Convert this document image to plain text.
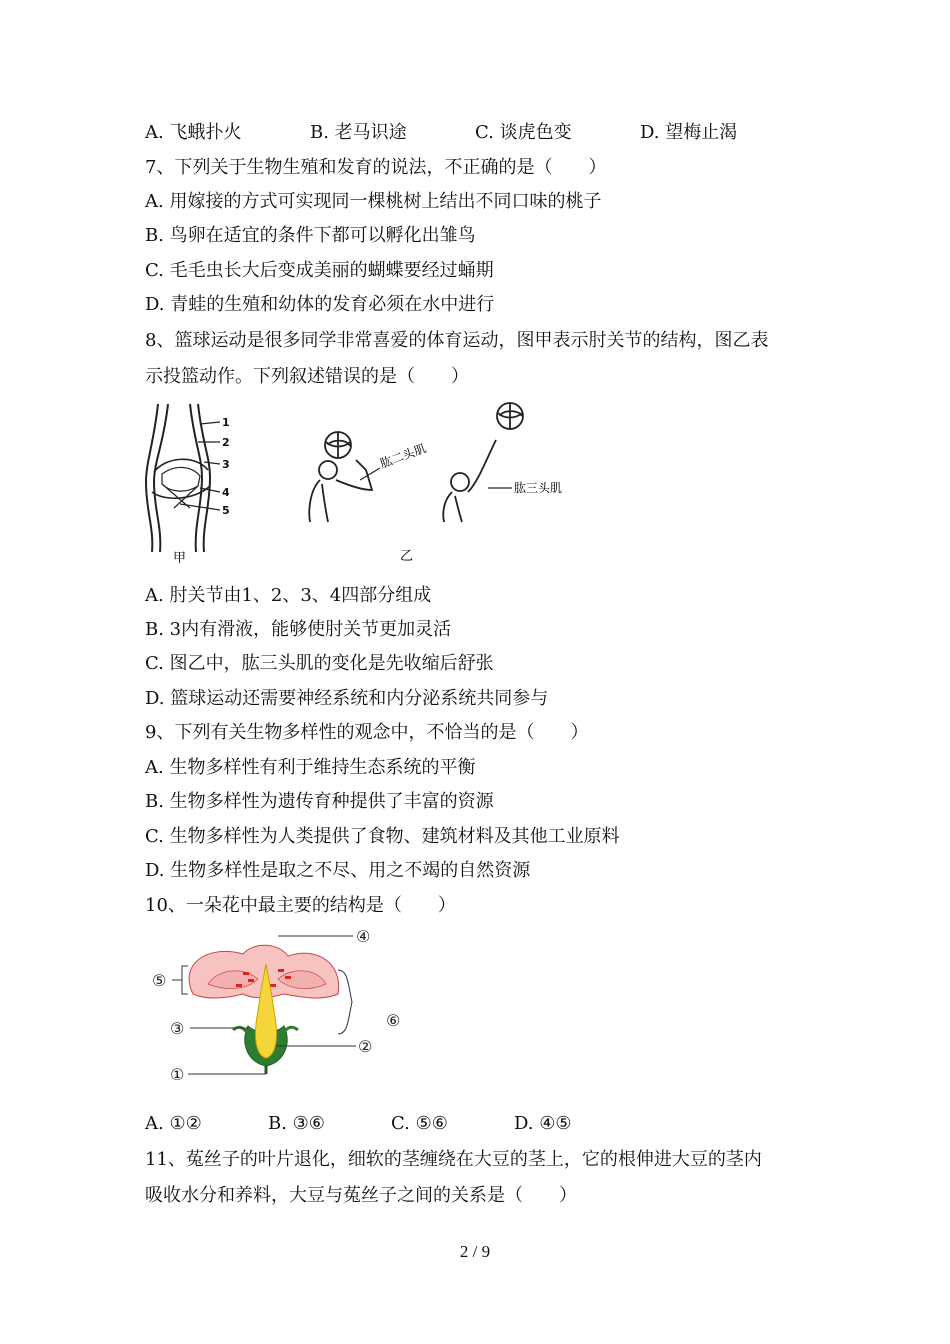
A. 飞蛾扑火	B. 老马识途	C. 谈虎色变	D. 望梅止渴
7、下列关于生物生殖和发育的说法，不正确的是（　　）
A. 用嫁接的方式可实现同一棵桃树上结出不同口味的桃子
B. 鸟卵在适宜的条件下都可以孵化出雏鸟
C. 毛毛虫长大后变成美丽的蝴蝶要经过蛹期
D. 青蛙的生殖和幼体的发育必须在水中进行
8、篮球运动是很多同学非常喜爱的体育运动，图甲表示肘关节的结构，图乙表
示投篮动作。下列叙述错误的是（　　）
1
2
3
4
5
甲
肱二头肌
肱三头肌
乙
A. 肘关节由1、2、3、4四部分组成
B. 3内有滑液，能够使肘关节更加灵活
C. 图乙中，肱三头肌的变化是先收缩后舒张
D. 篮球运动还需要神经系统和内分泌系统共同参与
9、下列有关生物多样性的观念中，不恰当的是（　　）
A. 生物多样性有利于维持生态系统的平衡
B. 生物多样性为遗传育种提供了丰富的资源
C. 生物多样性为人类提供了食物、建筑材料及其他工业原料
D. 生物多样性是取之不尽、用之不竭的自然资源
10、一朵花中最主要的结构是（　　）
①
②
③
④
⑤
⑥
A. ①②	B. ③⑥	C. ⑤⑥	D. ④⑤
11、菟丝子的叶片退化，细软的茎缠绕在大豆的茎上，它的根伸进大豆的茎内
吸收水分和养料，大豆与菟丝子之间的关系是（　　）
2 / 9
